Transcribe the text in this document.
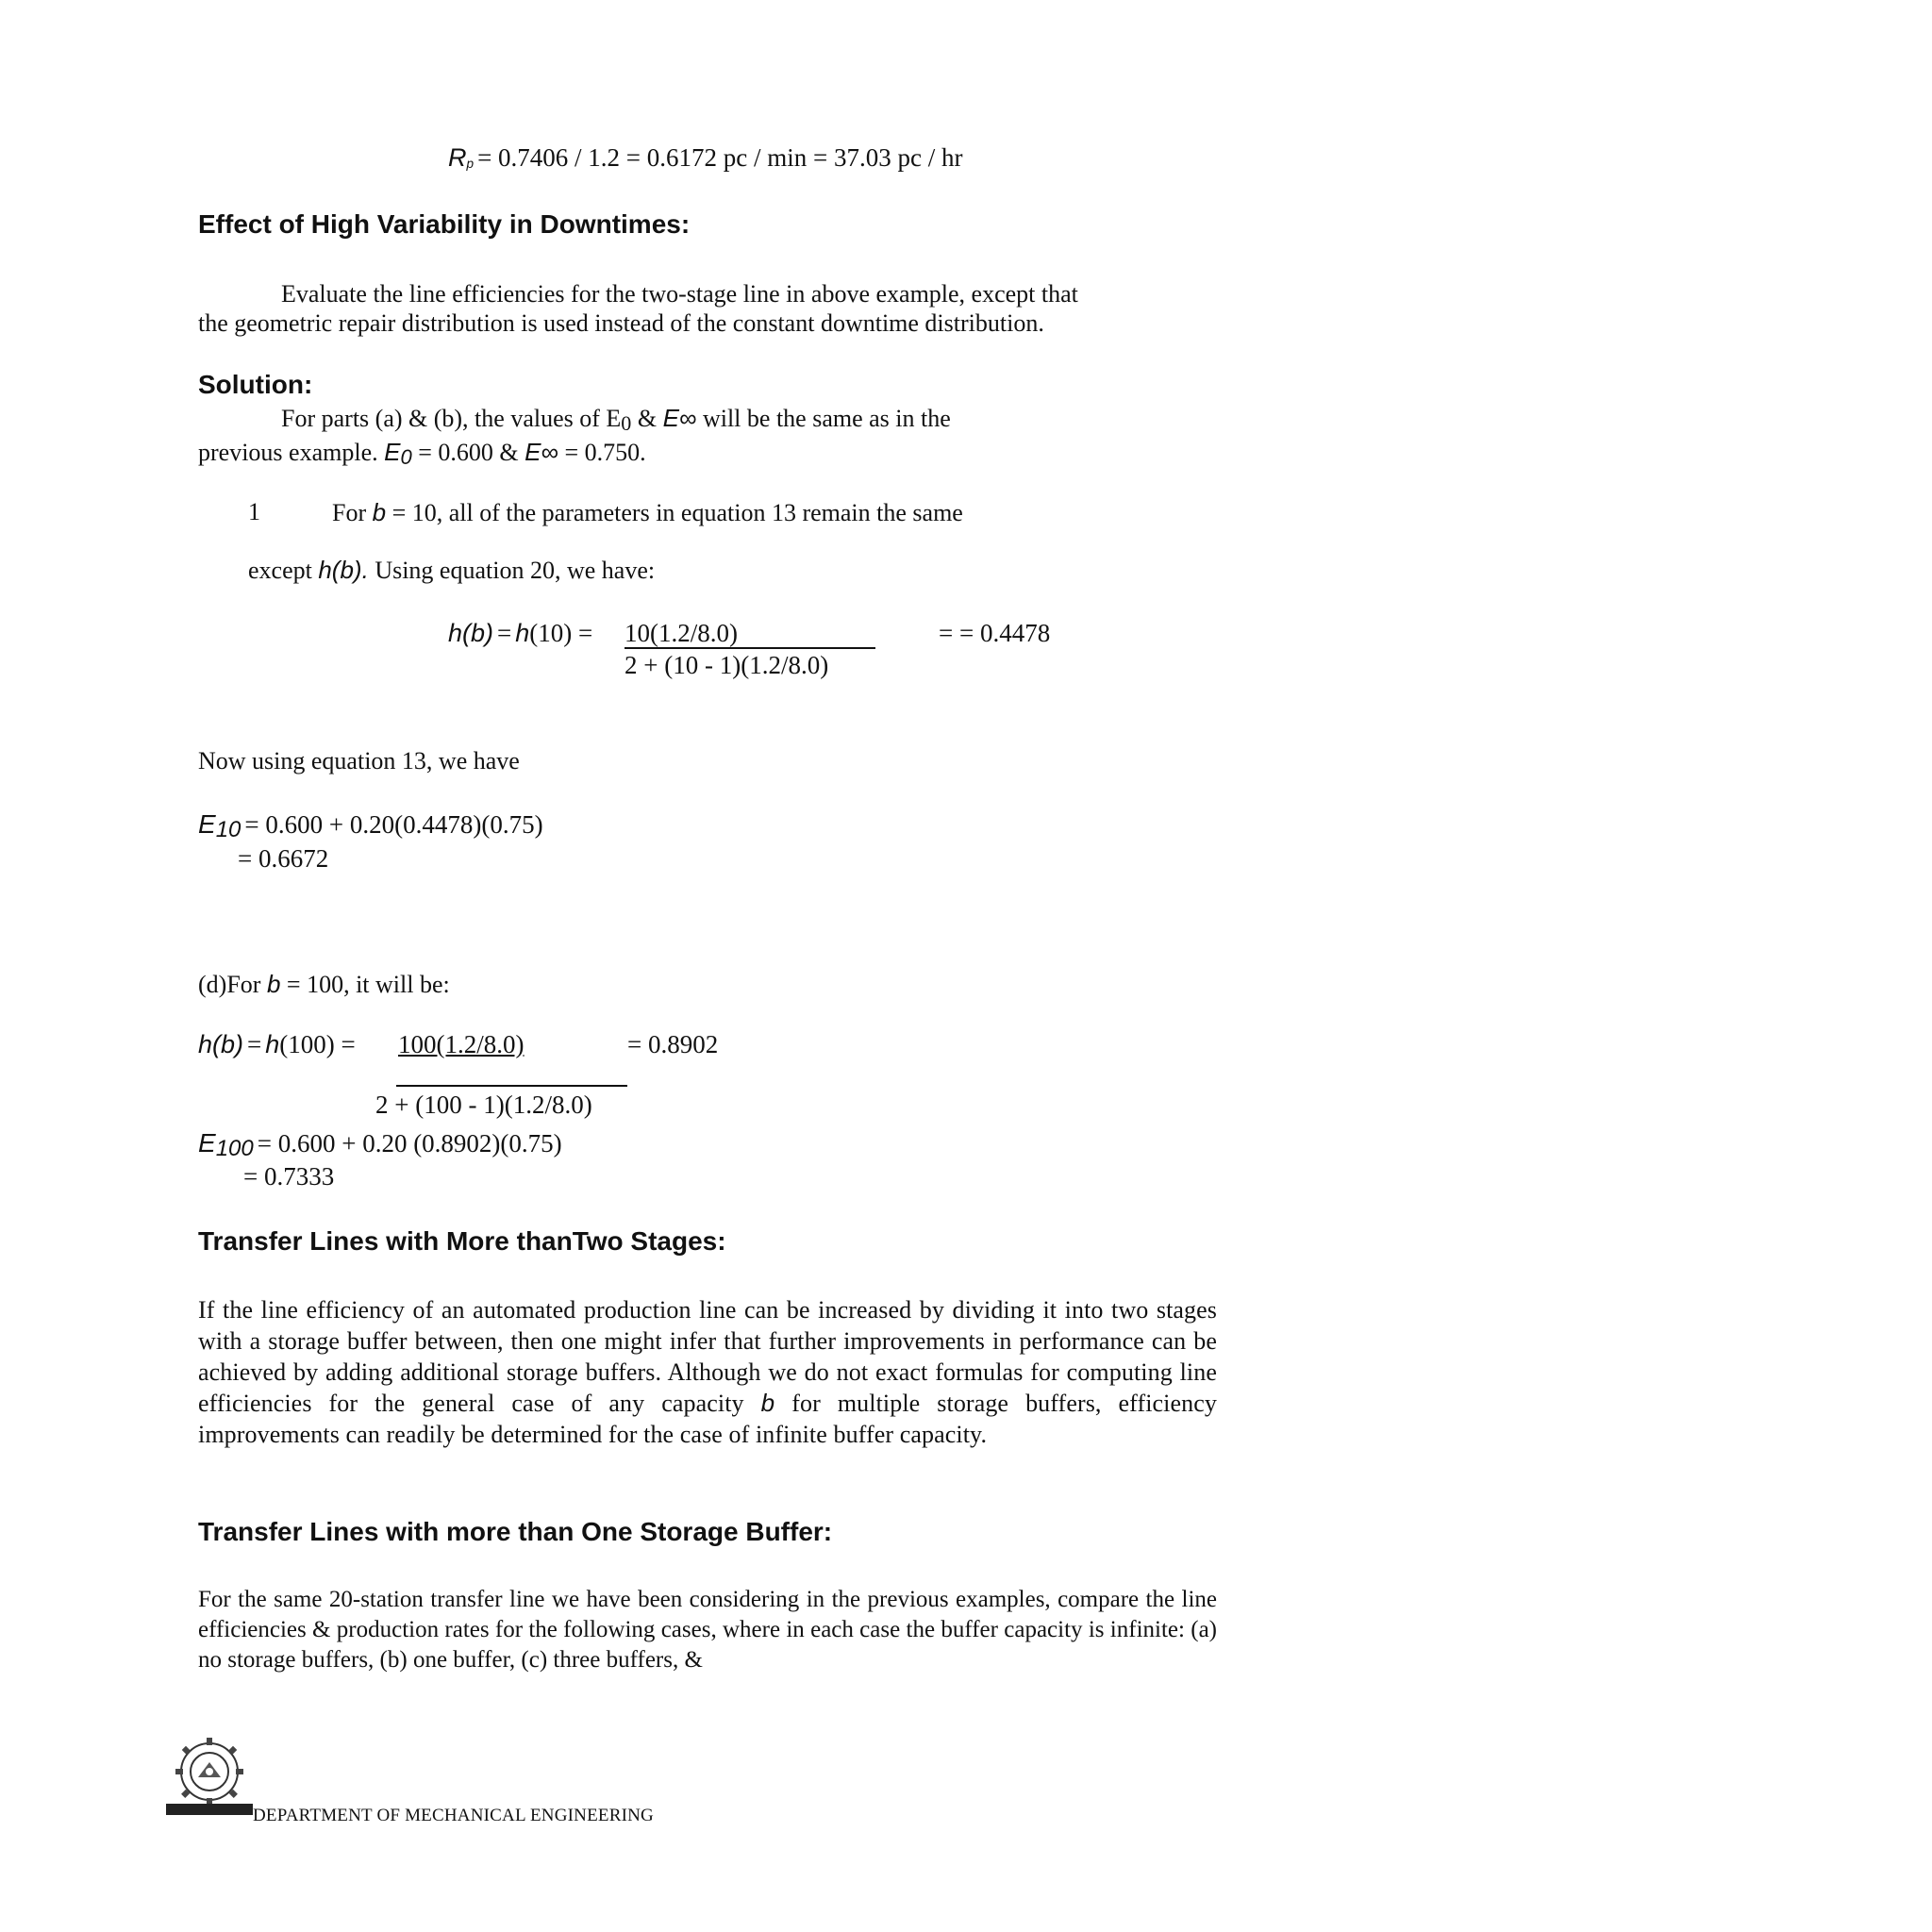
Rp = 0.7406 / 1.2 = 0.6172 pc / min = 37.03 pc / hr
Effect of High Variability in Downtimes:
Evaluate the line efficiencies for the two-stage line in above example, except that
the geometric repair distribution is used instead of the constant downtime distribution.
Solution:
For parts (a) & (b), the values of E0 & E∞ will be the same as in the
previous example. E0 = 0.600 & E∞ = 0.750.
1	For b = 10, all of the parameters in equation 13 remain the same
except h(b). Using equation 20, we have:
h(b) = h(10) = 10(1.2/8.0)
2 + (10 - 1)(1.2/8.0)
= = 0.4478
Now using equation 13, we have
E10 = 0.600 + 0.20(0.4478)(0.75)
= 0.6672
(d)For b = 100, it will be:
h(b) = h(100) = 100(1.2/8.0)	= 0.8902
2 + (100 - 1)(1.2/8.0)
E100 = 0.600 + 0.20 (0.8902)(0.75)
= 0.7333
Transfer Lines with More thanTwo Stages:

If the line efficiency of an automated production line can be increased by dividing it into two stages with a storage buffer between, then one might infer that further improvements in performance can be achieved by adding additional storage buffers. Although we do not exact formulas for computing line efficiencies for the general case of any capacity b for multiple storage buffers, efficiency improvements can readily be determined for the case of infinite buffer capacity.

Transfer Lines with more than One Storage Buffer:

For the same 20-station transfer line we have been considering in the previous examples, compare the line efficiencies & production rates for the following cases, where in each case the buffer capacity is infinite: (a) no storage buffers, (b) one buffer, (c) three buffers, &

DEPARTMENT OF MECHANICAL ENGINEERING
